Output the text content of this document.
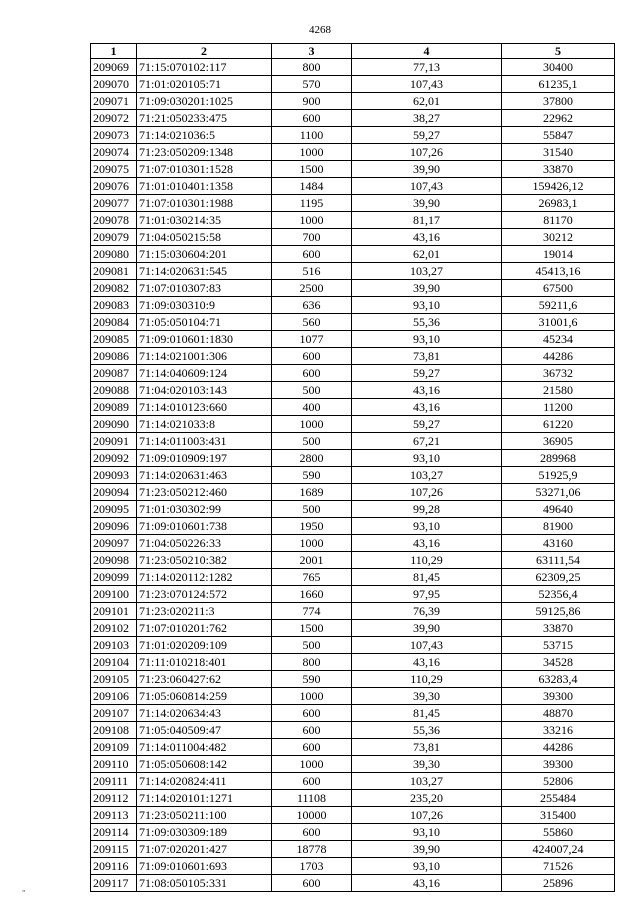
4268
1	2	3	4	5
209069	71:15:070102:117	800	77,13	30400
209070	71:01:020105:71	570	107,43	61235,1
209071	71:09:030201:1025	900	62,01	37800
209072	71:21:050233:475	600	38,27	22962
209073	71:14:021036:5	1100	59,27	55847
209074	71:23:050209:1348	1000	107,26	31540
209075	71:07:010301:1528	1500	39,90	33870
209076	71:01:010401:1358	1484	107,43	159426,12
209077	71:07:010301:1988	1195	39,90	26983,1
209078	71:01:030214:35	1000	81,17	81170
209079	71:04:050215:58	700	43,16	30212
209080	71:15:030604:201	600	62,01	19014
209081	71:14:020631:545	516	103,27	45413,16
209082	71:07:010307:83	2500	39,90	67500
209083	71:09:030310:9	636	93,10	59211,6
209084	71:05:050104:71	560	55,36	31001,6
209085	71:09:010601:1830	1077	93,10	45234
209086	71:14:021001:306	600	73,81	44286
209087	71:14:040609:124	600	59,27	36732
209088	71:04:020103:143	500	43,16	21580
209089	71:14:010123:660	400	43,16	11200
209090	71:14:021033:8	1000	59,27	61220
209091	71:14:011003:431	500	67,21	36905
209092	71:09:010909:197	2800	93,10	289968
209093	71:14:020631:463	590	103,27	51925,9
209094	71:23:050212:460	1689	107,26	53271,06
209095	71:01:030302:99	500	99,28	49640
209096	71:09:010601:738	1950	93,10	81900
209097	71:04:050226:33	1000	43,16	43160
209098	71:23:050210:382	2001	110,29	63111,54
209099	71:14:020112:1282	765	81,45	62309,25
209100	71:23:070124:572	1660	97,95	52356,4
209101	71:23:020211:3	774	76,39	59125,86
209102	71:07:010201:762	1500	39,90	33870
209103	71:01:020209:109	500	107,43	53715
209104	71:11:010218:401	800	43,16	34528
209105	71:23:060427:62	590	110,29	63283,4
209106	71:05:060814:259	1000	39,30	39300
209107	71:14:020634:43	600	81,45	48870
209108	71:05:040509:47	600	55,36	33216
209109	71:14:011004:482	600	73,81	44286
209110	71:05:050608:142	1000	39,30	39300
209111	71:14:020824:411	600	103,27	52806
209112	71:14:020101:1271	11108	235,20	255484
209113	71:23:050211:100	10000	107,26	315400
209114	71:09:030309:189	600	93,10	55860
209115	71:07:020201:427	18778	39,90	424007,24
209116	71:09:010601:693	1703	93,10	71526
209117	71:08:050105:331	600	43,16	25896
„
